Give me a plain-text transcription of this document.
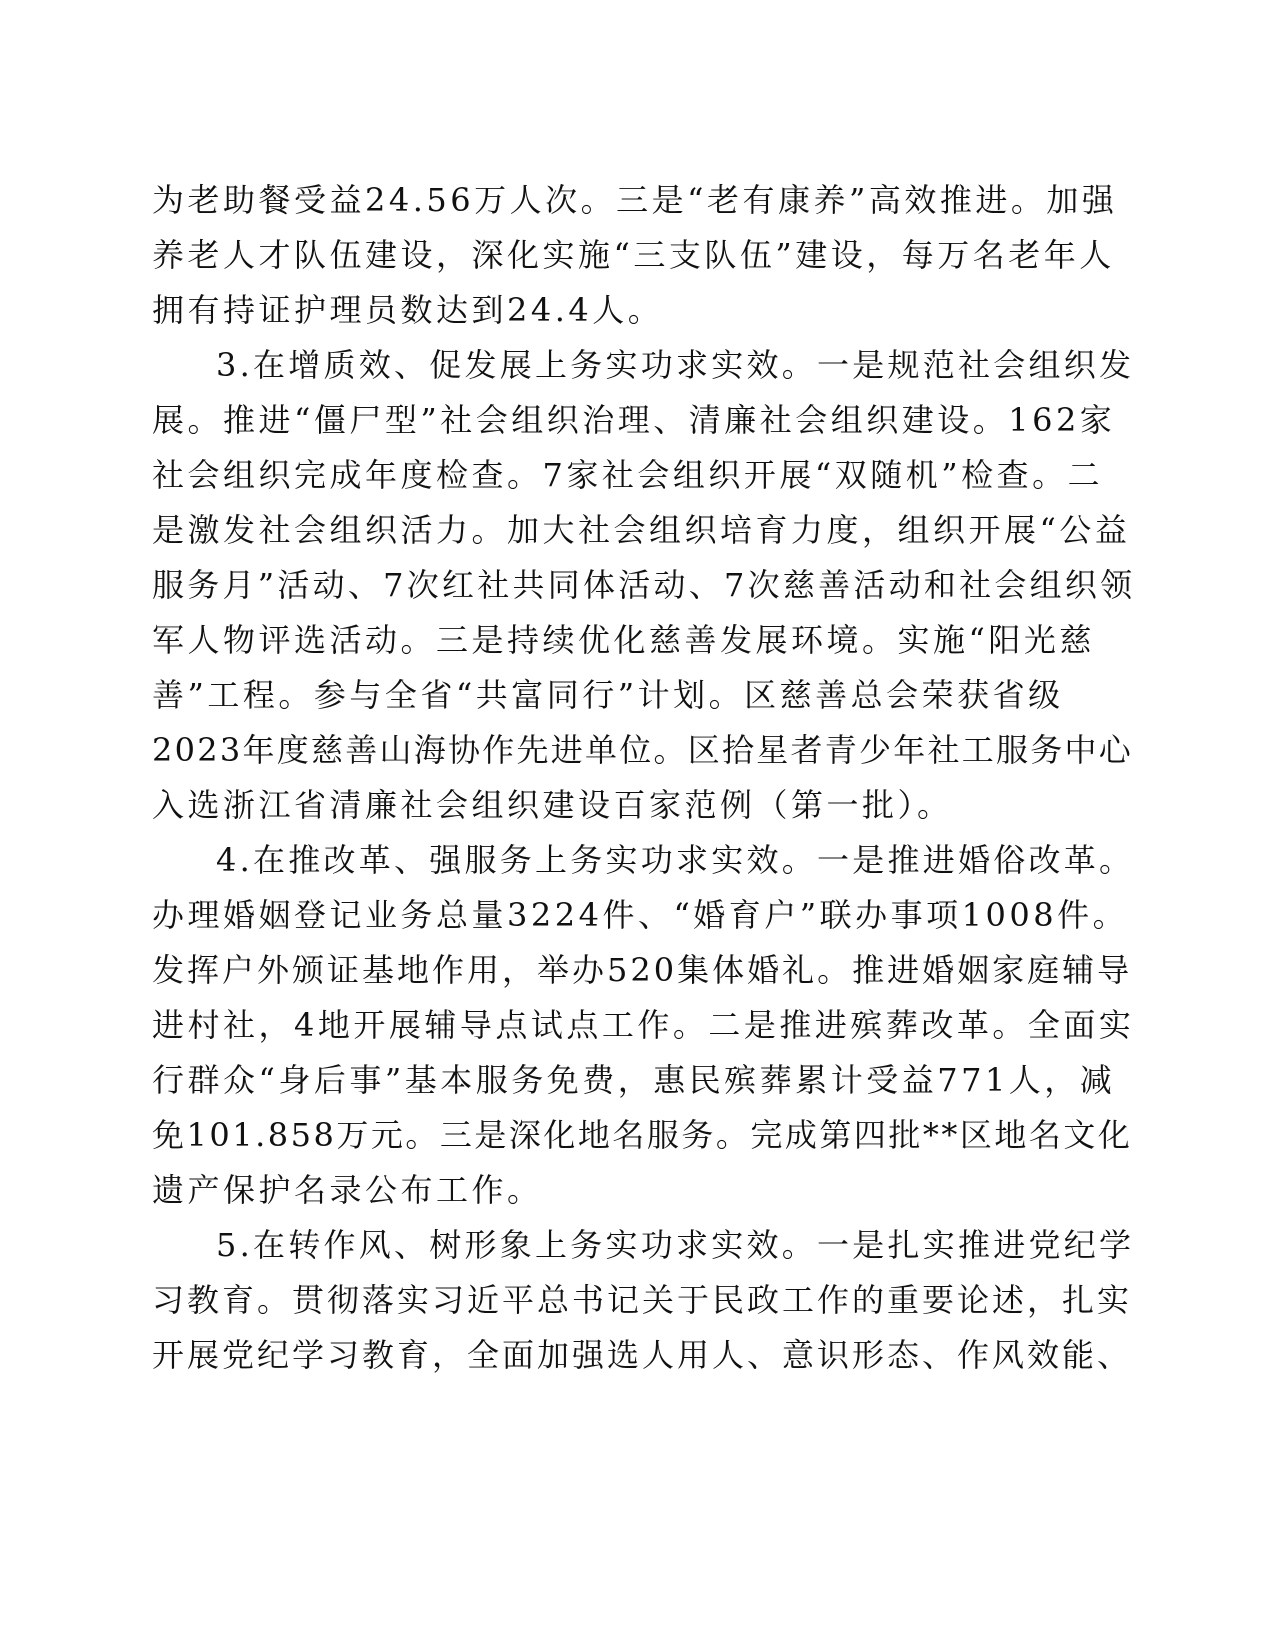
为老助餐受益24.56万人次。三是“老有康养”高效推进。加强
养老人才队伍建设，深化实施“三支队伍”建设，每万名老年人
拥有持证护理员数达到24.4人。
3.在增质效、促发展上务实功求实效。一是规范社会组织发
展。推进“僵尸型”社会组织治理、清廉社会组织建设。162家
社会组织完成年度检查。7家社会组织开展“双随机”检查。二
是激发社会组织活力。加大社会组织培育力度，组织开展“公益
服务月”活动、7次红社共同体活动、7次慈善活动和社会组织领
军人物评选活动。三是持续优化慈善发展环境。实施“阳光慈
善”工程。参与全省“共富同行”计划。区慈善总会荣获省级
2023年度慈善山海协作先进单位。区拾星者青少年社工服务中心
入选浙江省清廉社会组织建设百家范例（第一批）。
4.在推改革、强服务上务实功求实效。一是推进婚俗改革。
办理婚姻登记业务总量3224件、“婚育户”联办事项1008件。
发挥户外颁证基地作用，举办520集体婚礼。推进婚姻家庭辅导
进村社，4地开展辅导点试点工作。二是推进殡葬改革。全面实
行群众“身后事”基本服务免费，惠民殡葬累计受益771人，减
免101.858万元。三是深化地名服务。完成第四批**区地名文化
遗产保护名录公布工作。
5.在转作风、树形象上务实功求实效。一是扎实推进党纪学
习教育。贯彻落实习近平总书记关于民政工作的重要论述，扎实
开展党纪学习教育，全面加强选人用人、意识形态、作风效能、
